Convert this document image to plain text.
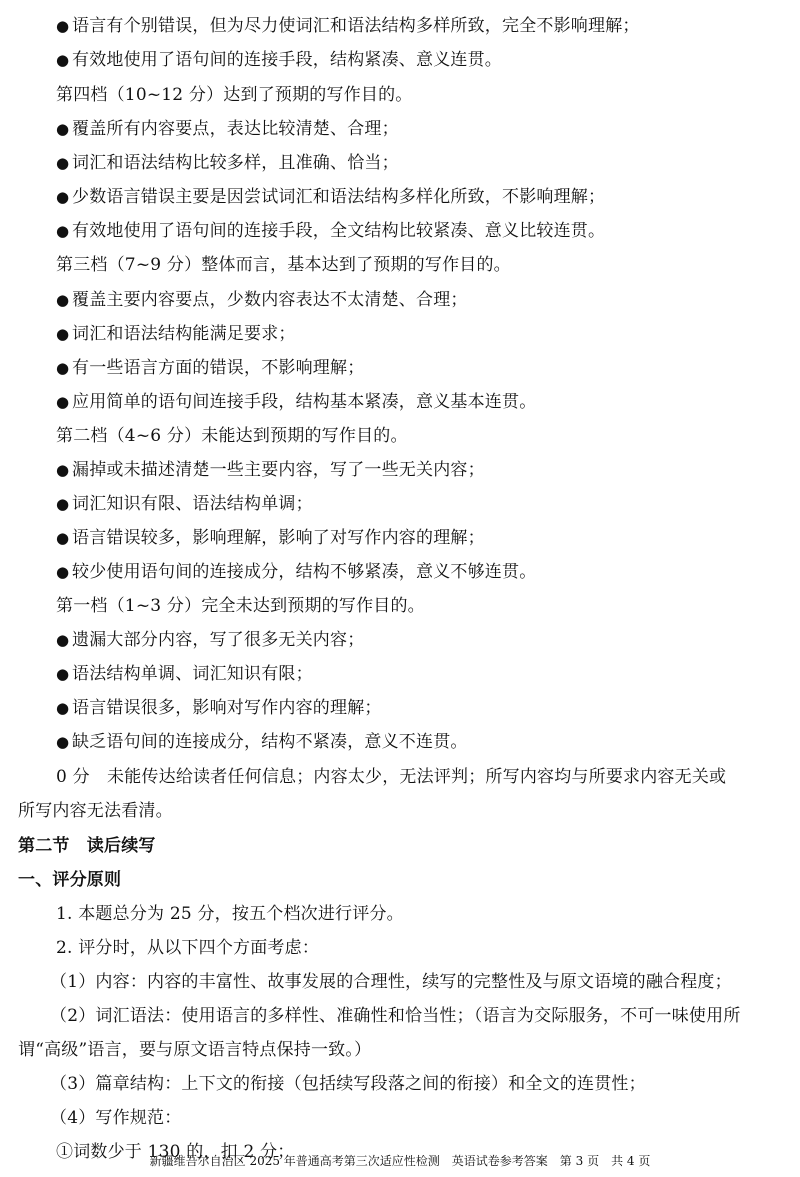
● 语言有个别错误，但为尽力使词汇和语法结构多样所致，完全不影响理解；
● 有效地使用了语句间的连接手段，结构紧凑、意义连贯。
第四档（10~12 分）达到了预期的写作目的。
● 覆盖所有内容要点，表达比较清楚、合理；
● 词汇和语法结构比较多样，且准确、恰当；
● 少数语言错误主要是因尝试词汇和语法结构多样化所致，不影响理解；
● 有效地使用了语句间的连接手段，全文结构比较紧凑、意义比较连贯。
第三档（7~9 分）整体而言，基本达到了预期的写作目的。
● 覆盖主要内容要点，少数内容表达不太清楚、合理；
● 词汇和语法结构能满足要求；
● 有一些语言方面的错误，不影响理解；
● 应用简单的语句间连接手段，结构基本紧凑，意义基本连贯。
第二档（4~6 分）未能达到预期的写作目的。
● 漏掉或未描述清楚一些主要内容，写了一些无关内容；
● 词汇知识有限、语法结构单调；
● 语言错误较多，影响理解，影响了对写作内容的理解；
● 较少使用语句间的连接成分，结构不够紧凑，意义不够连贯。
第一档（1~3 分）完全未达到预期的写作目的。
● 遗漏大部分内容，写了很多无关内容；
● 语法结构单调、词汇知识有限；
● 语言错误很多，影响对写作内容的理解；
● 缺乏语句间的连接成分，结构不紧凑，意义不连贯。
0 分　未能传达给读者任何信息；内容太少，无法评判；所写内容均与所要求内容无关或
所写内容无法看清。
第二节　读后续写
一、评分原则
1. 本题总分为 25 分，按五个档次进行评分。
2. 评分时，从以下四个方面考虑：
（1）内容：内容的丰富性、故事发展的合理性，续写的完整性及与原文语境的融合程度；
（2）词汇语法：使用语言的多样性、准确性和恰当性；（语言为交际服务，不可一味使用所
谓“高级”语言，要与原文语言特点保持一致。）
（3）篇章结构：上下文的衔接（包括续写段落之间的衔接）和全文的连贯性；
（4）写作规范：
①词数少于 130 的，扣 2 分；
新疆维吾尔自治区 2025 年普通高考第三次适应性检测　英语试卷参考答案　第 3 页　共 4 页
